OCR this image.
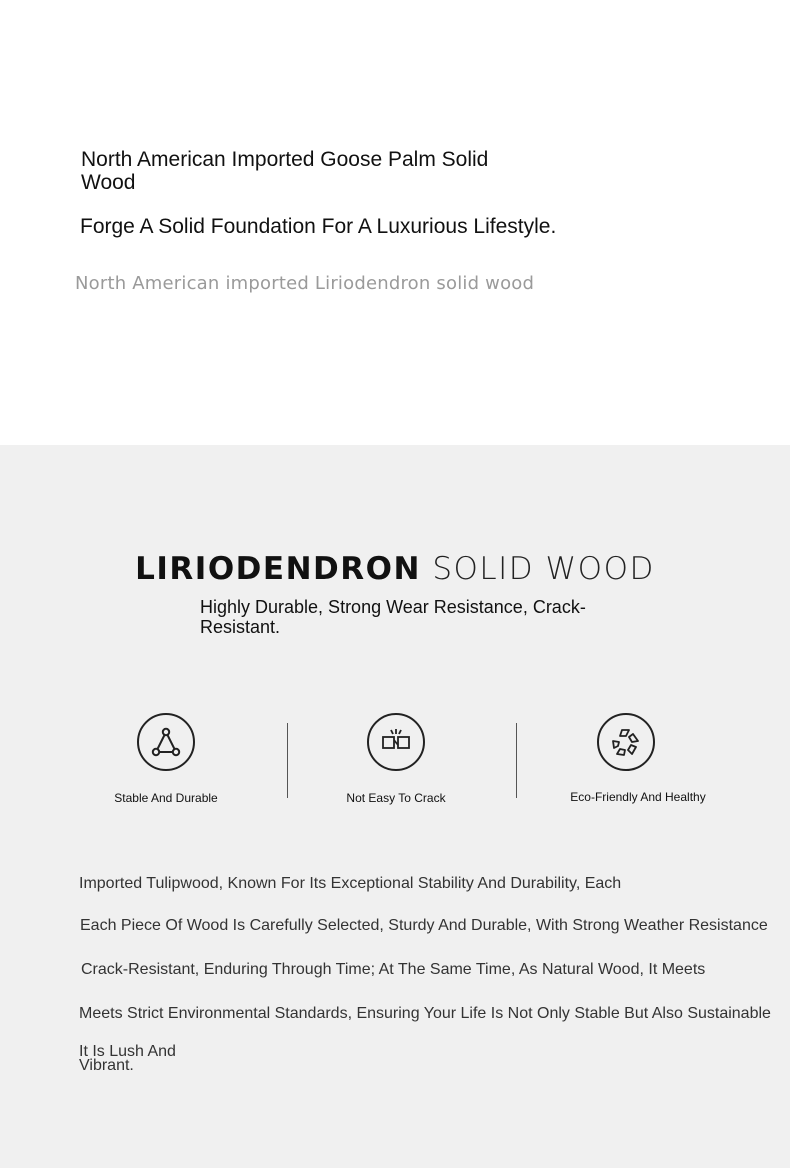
North American Imported Goose Palm Solid Wood
Forge A Solid Foundation For A Luxurious Lifestyle.
North American imported Liriodendron solid wood
LIRIODENDRON SOLID WOOD
Highly Durable, Strong Wear Resistance, Crack-Resistant.
Stable And Durable	Not Easy To Crack	Eco-Friendly And Healthy
Imported Tulipwood, Known For Its Exceptional Stability And Durability, Each
Each Piece Of Wood Is Carefully Selected, Sturdy And Durable, With Strong Weather Resistance
Crack-Resistant, Enduring Through Time; At The Same Time, As Natural Wood, It Meets
Meets Strict Environmental Standards, Ensuring Your Life Is Not Only Stable But Also Sustainable
It Is Lush And
Vibrant.
